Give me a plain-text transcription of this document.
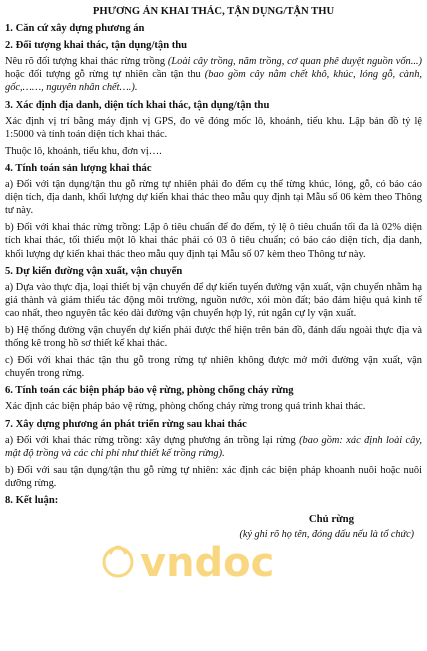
PHƯƠNG ÁN KHAI THÁC, TẬN DỤNG/TẬN THU
1. Căn cứ xây dựng phương án
2. Đối tượng khai thác, tận dụng/tận thu
Nêu rõ đối tượng khai thác rừng trồng (Loài cây trồng, năm trồng, cơ quan phê duyệt nguồn vốn...) hoặc đối tượng gỗ rừng tự nhiên cần tận thu (bao gồm cây nằm chết khô, khúc, lóng gỗ, cành, gốc,……, nguyên nhân chết….).
3. Xác định địa danh, diện tích khai thác, tận dụng/tận thu
Xác định vị trí bằng máy định vị GPS, đo vẽ đóng mốc lô, khoảnh, tiểu khu. Lập bản đồ tỷ lệ 1:5000 và tính toán diện tích khai thác.
Thuộc lô, khoảnh, tiểu khu, đơn vị….
4. Tính toán sản lượng khai thác
a) Đối với tận dụng/tận thu gỗ rừng tự nhiên phải đo đếm cụ thể từng khúc, lóng, gỗ, có báo cáo diện tích, địa danh, khối lượng dự kiến khai thác theo mẫu quy định tại Mẫu số 06 kèm theo Thông tư này.
b) Đối với khai thác rừng trồng: Lập ô tiêu chuẩn để đo đếm, tỷ lệ ô tiêu chuẩn tối đa là 02% diện tích khai thác, tối thiểu một lô khai thác phải có 03 ô tiêu chuẩn; có báo cáo diện tích, địa danh, khối lượng dự kiến khai thác theo mẫu quy định tại Mẫu số 07 kèm theo Thông tư này.
5. Dự kiến đường vận xuất, vận chuyển
a) Dựa vào thực địa, loại thiết bị vận chuyển để dự kiến tuyến đường vận xuất, vận chuyển nhằm hạ giá thành và giảm thiểu tác động môi trường, nguồn nước, xói mòn đất; bảo đảm hiệu quả kinh tế cao nhất, theo nguyên tắc kéo dài đường vận chuyển hợp lý, rút ngắn cự ly vận xuất.
b) Hệ thống đường vận chuyển dự kiến phải được thể hiện trên bản đồ, đánh dấu ngoài thực địa và thống kê trong hồ sơ thiết kế khai thác.
c) Đối với khai thác tận thu gỗ trong rừng tự nhiên không được mở mới đường vận xuất, vận chuyển trong rừng.
6. Tính toán các biện pháp bảo vệ rừng, phòng chống cháy rừng
Xác định các biện pháp bảo vệ rừng, phòng chống cháy rừng trong quá trình khai thác.
7. Xây dựng phương án phát triển rừng sau khai thác
a) Đối với khai thác rừng trồng: xây dựng phương án trồng lại rừng (bao gồm: xác định loài cây, mật độ trồng và các chi phí như thiết kế trồng rừng).
b) Đối với sau tận dụng/tận thu gỗ rừng tự nhiên: xác định các biện pháp khoanh nuôi hoặc nuôi dưỡng rừng.
8. Kết luận:
Chủ rừng
(ký ghi rõ họ tên, đóng dấu nếu là tổ chức)
vndoc
